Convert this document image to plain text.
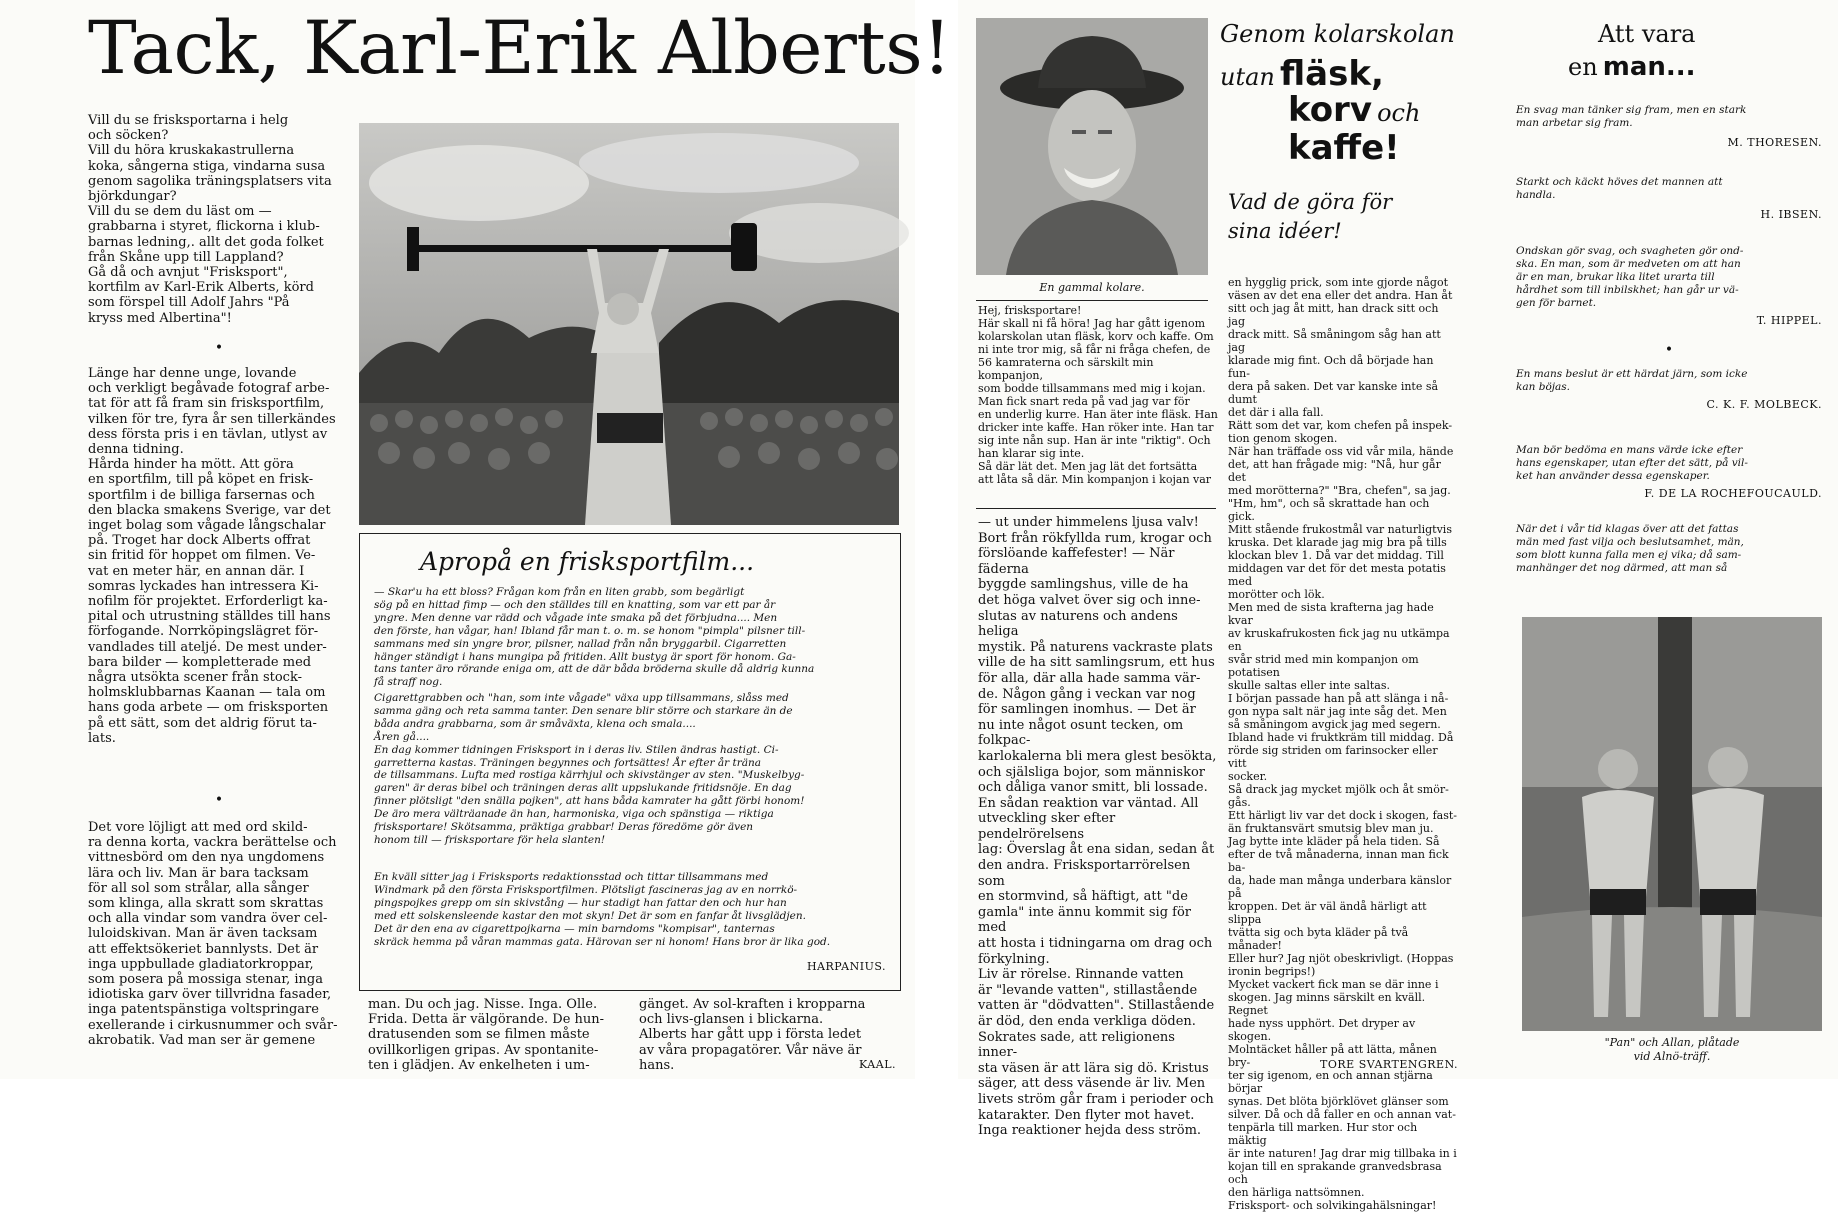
Tack, Karl-Erik Alberts!

Vill du se frisksportarna i helg
och söcken?
Vill du höra kruskakastrullerna
koka, sångerna stiga, vindarna susa
genom sagolika träningsplatsers vita
björkdungar?
Vill du se dem du läst om —
grabbarna i styret, flickorna i klub-
barnas ledning,. allt det goda folket
från Skåne upp till Lappland?
Gå då och avnjut "Frisksport",
kortfilm av Karl-Erik Alberts, körd
som förspel till Adolf Jahrs "På
kryss med Albertina"!

•

Länge har denne unge, lovande
och verkligt begåvade fotograf arbe-
tat för att få fram sin frisksportfilm,
vilken för tre, fyra år sen tillerkändes
dess första pris i en tävlan, utlyst av
denna tidning.
Hårda hinder ha mött. Att göra
en sportfilm, till på köpet en frisk-
sportfilm i de billiga farsernas och
den blacka smakens Sverige, var det
inget bolag som vågade långschalar
på. Troget har dock Alberts offrat
sin fritid för hoppet om filmen. Ve-
vat en meter här, en annan där. I
somras lyckades han intressera Ki-
nofilm för projektet. Erforderligt ka-
pital och utrustning ställdes till hans
förfogande. Norrköpingslägret för-
vandlades till ateljé. De mest under-
bara bilder — kompletterade med
några utsökta scener från stock-
holmsklubbarnas Kaanan — tala om
hans goda arbete — om frisksporten
på ett sätt, som det aldrig förut ta-
lats.

•

Det vore löjligt att med ord skild-
ra denna korta, vackra berättelse och
vittnesbörd om den nya ungdomens
lära och liv. Man är bara tacksam
för all sol som strålar, alla sånger
som klinga, alla skratt som skrattas
och alla vindar som vandra över cel-
luloidskivan. Man är även tacksam
att effektsökeriet bannlysts. Det är
inga uppbullade gladiatorkroppar,
som posera på mossiga stenar, inga
idiotiska garv över tillvridna fasader,
inga patentspänstiga voltspringare
exellerande i cirkusnummer och svår-
akrobatik. Vad man ser är gemene

Apropå en frisksportfilm...

— Skar'u ha ett bloss? Frågan kom från en liten grabb, som begärligt
sög på en hittad fimp — och den ställdes till en knatting, som var ett par år
yngre. Men denne var rädd och vågade inte smaka på det förbjudna.... Men
den förste, han vågar, han! Ibland får man t. o. m. se honom "pimpla" pilsner till-
sammans med sin yngre bror, pilsner, nallad från nån bryggarbil. Cigarretten
hänger ständigt i hans mungipa på fritiden. Allt bustyg är sport för honom. Ga-
tans tanter äro rörande eniga om, att de där båda bröderna skulle då aldrig kunna
få straff nog.

Cigarettgrabben och "han, som inte vågade" växa upp tillsammans, slåss med
samma gäng och reta samma tanter. Den senare blir större och starkare än de
båda andra grabbarna, som är småväxta, klena och smala....
Åren gå....
En dag kommer tidningen Frisksport in i deras liv. Stilen ändras hastigt. Ci-
garretterna kastas. Träningen begynnes och fortsättes! År efter år träna
de tillsammans. Lufta med rostiga kärrhjul och skivstänger av sten. "Muskelbyg-
garen" är deras bibel och träningen deras allt uppslukande fritidsnöje. En dag
finner plötsligt "den snälla pojken", att hans båda kamrater ha gått förbi honom!
De äro mera välträanade än han, harmoniska, viga och spänstiga — riktiga
frisksportare! Skötsamma, präktiga grabbar! Deras föredöme gör även
honom till — frisksportare för hela slanten!

En kväll sitter jag i Frisksports redaktionsstad och tittar tillsammans med
Windmark på den första Frisksportfilmen. Plötsligt fascineras jag av en norrkö-
pingspojkes grepp om sin skivstång — hur stadigt han fattar den och hur han
med ett solskensleende kastar den mot skyn! Det är som en fanfar åt livsglädjen.
Det är den ena av cigarettpojkarna — min barndoms "kompisar", tanternas
skräck hemma på våran mammas gata. Härovan ser ni honom! Hans bror är lika god.

HARPANIUS.

man. Du och jag. Nisse. Inga. Olle.
Frida. Detta är välgörande. De hun-
dratusenden som se filmen måste
ovillkorligen gripas. Av spontanite-
ten i glädjen. Av enkelheten i um-

gänget. Av sol-kraften i kropparna
och livs-glansen i blickarna.
Alberts har gått upp i första ledet
av våra propagatörer. Vår näve är
hans.	KAAL.
En gammal kolare.
Genom kolarskolan
utan fläsk,
korv och
kaffe!
Vad de göra för
sina idéer!

Hej, frisksportare!
Här skall ni få höra! Jag har gått igenom
kolarskolan utan fläsk, korv och kaffe. Om
ni inte tror mig, så får ni fråga chefen, de
56 kamraterna och särskilt min kompanjon,
som bodde tillsammans med mig i kojan.
Man fick snart reda på vad jag var för
en underlig kurre. Han äter inte fläsk. Han
dricker inte kaffe. Han röker inte. Han tar
sig inte nån sup. Han är inte "riktig". Och
han klarar sig inte.
Så där lät det. Men jag lät det fortsätta
att låta så där. Min kompanjon i kojan var

— ut under himmelens ljusa valv!
Bort från rökfyllda rum, krogar och
förslöande kaffefester! — När fäderna
byggde samlingshus, ville de ha
det höga valvet över sig och inne-
slutas av naturens och andens heliga
mystik. På naturens vackraste plats
ville de ha sitt samlingsrum, ett hus
för alla, där alla hade samma vär-
de. Någon gång i veckan var nog
för samlingen inomhus. — Det är
nu inte något osunt tecken, om folkpac-
karlokalerna bli mera glest besökta,
och själsliga bojor, som människor
och dåliga vanor smitt, bli lossade.
En sådan reaktion var väntad. All
utveckling sker efter pendelrörelsens
lag: Överslag åt ena sidan, sedan åt
den andra. Frisksportarrörelsen som
en stormvind, så häftigt, att "de
gamla" inte ännu kommit sig för med
att hosta i tidningarna om drag och
förkylning.
Liv är rörelse. Rinnande vatten
är "levande vatten", stillastående
vatten är "dödvatten". Stillastående
är död, den enda verkliga döden.
Sokrates sade, att religionens inner-
sta väsen är att lära sig dö. Kristus
säger, att dess väsende är liv. Men
livets ström går fram i perioder och
katarakter. Den flyter mot havet.
Inga reaktioner hejda dess ström.

en hygglig prick, som inte gjorde något
väsen av det ena eller det andra. Han åt
sitt och jag åt mitt, han drack sitt och jag
drack mitt. Så småningom såg han att jag
klarade mig fint. Och då började han fun-
dera på saken. Det var kanske inte så dumt
det där i alla fall.
Rätt som det var, kom chefen på inspek-
tion genom skogen.
När han träffade oss vid vår mila, hände
det, att han frågade mig: "Nå, hur går det
med morötterna?" "Bra, chefen", sa jag.
"Hm, hm", och så skrattade han och gick.
Mitt stående frukostmål var naturligtvis
kruska. Det klarade jag mig bra på tills
klockan blev 1. Då var det middag. Till
middagen var det för det mesta potatis med
morötter och lök.
Men med de sista krafterna jag hade kvar
av kruskafrukosten fick jag nu utkämpa en
svår strid med min kompanjon om potatisen
skulle saltas eller inte saltas.
I början passade han på att slänga i nå-
gon nypa salt när jag inte såg det. Men
så småningom avgick jag med segern.
Ibland hade vi fruktkräm till middag. Då
rörde sig striden om farinsocker eller vitt
socker.
Så drack jag mycket mjölk och åt smör-
gås.
Ett härligt liv var det dock i skogen, fast-
än fruktansvärt smutsig blev man ju.
Jag bytte inte kläder på hela tiden. Så
efter de två månaderna, innan man fick ba-
da, hade man många underbara känslor på
kroppen. Det är väl ändå härligt att slippa
tvätta sig och byta kläder på två månader!
Eller hur? Jag njöt obeskrivligt. (Hoppas
ironin begrips!)
Mycket vackert fick man se där inne i
skogen. Jag minns särskilt en kväll. Regnet
hade nyss upphört. Det dryper av skogen.
Molntäcket håller på att lätta, månen bry-
ter sig igenom, en och annan stjärna börjar
synas. Det blöta björklövet glänser som
silver. Då och då faller en och annan vat-
tenpärla till marken. Hur stor och mäktig
är inte naturen! Jag drar mig tillbaka in i
kojan till en sprakande granvedsbrasa och
den härliga nattsömnen.
Frisksport- och solvikingahälsningar!

TORE SVARTENGREN.
Att vara
en man...

En svag man tänker sig fram, men en stark
man arbetar sig fram.

M. THORESEN.

Starkt och käckt höves det mannen att
handla.

H. IBSEN.

Ondskan gör svag, och svagheten gör ond-
ska. En man, som är medveten om att han
är en man, brukar lika litet urarta till
hårdhet som till inbilskhet; han går ur vä-
gen för barnet.

T. HIPPEL.
•

En mans beslut är ett härdat järn, som icke
kan böjas.

C. K. F. MOLBECK.

Man bör bedöma en mans värde icke efter
hans egenskaper, utan efter det sätt, på vil-
ket han använder dessa egenskaper.

F. DE LA ROCHEFOUCAULD.

När det i vår tid klagas över att det fattas
män med fast vilja och beslutsamhet, män,
som blott kunna falla men ej vika; då sam-
manhänger det nog därmed, att man så

"Pan" och Allan, plåtade
vid Alnö-träff.
